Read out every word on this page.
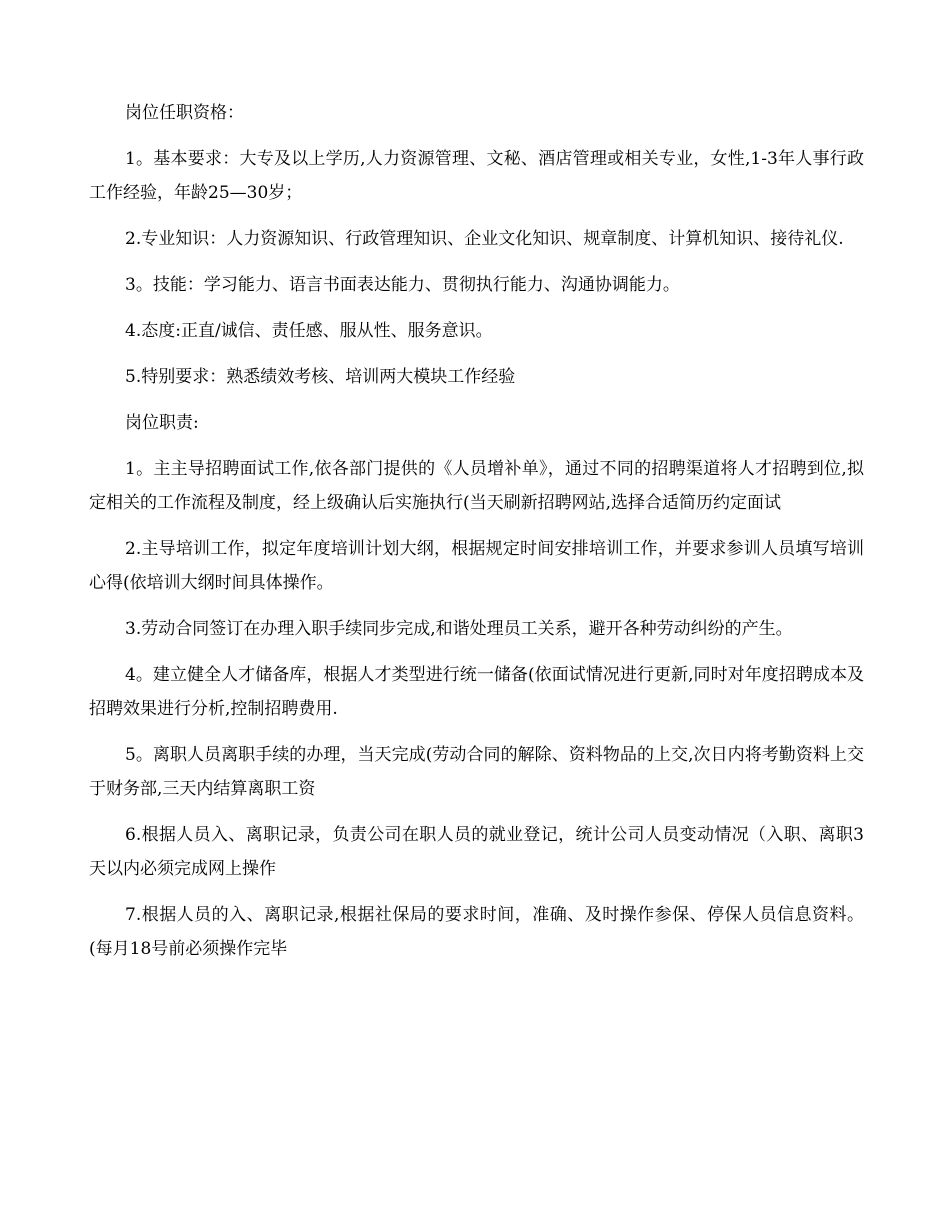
岗位任职资格：

1。基本要求：大专及以上学历,人力资源管理、文秘、酒店管理或相关专业，女性,1-3年人事行政工作经验，年龄25—30岁；

2.专业知识：人力资源知识、行政管理知识、企业文化知识、规章制度、计算机知识、接待礼仪.

3。技能：学习能力、语言书面表达能力、贯彻执行能力、沟通协调能力。

4.态度:正直/诚信、责任感、服从性、服务意识。

5.特别要求：熟悉绩效考核、培训两大模块工作经验

岗位职责:

1。主主导招聘面试工作,依各部门提供的《人员增补单》，通过不同的招聘渠道将人才招聘到位,拟定相关的工作流程及制度，经上级确认后实施执行(当天刷新招聘网站,选择合适简历约定面试

2.主导培训工作，拟定年度培训计划大纲，根据规定时间安排培训工作，并要求参训人员填写培训心得(依培训大纲时间具体操作。

3.劳动合同签订在办理入职手续同步完成,和谐处理员工关系，避开各种劳动纠纷的产生。

4。建立健全人才储备库，根据人才类型进行统一储备(依面试情况进行更新,同时对年度招聘成本及招聘效果进行分析,控制招聘费用.

5。离职人员离职手续的办理，当天完成(劳动合同的解除、资料物品的上交,次日内将考勤资料上交于财务部,三天内结算离职工资

6.根据人员入、离职记录，负责公司在职人员的就业登记，统计公司人员变动情况（入职、离职3天以内必须完成网上操作

7.根据人员的入、离职记录,根据社保局的要求时间，准确、及时操作参保、停保人员信息资料。(每月18号前必须操作完毕
